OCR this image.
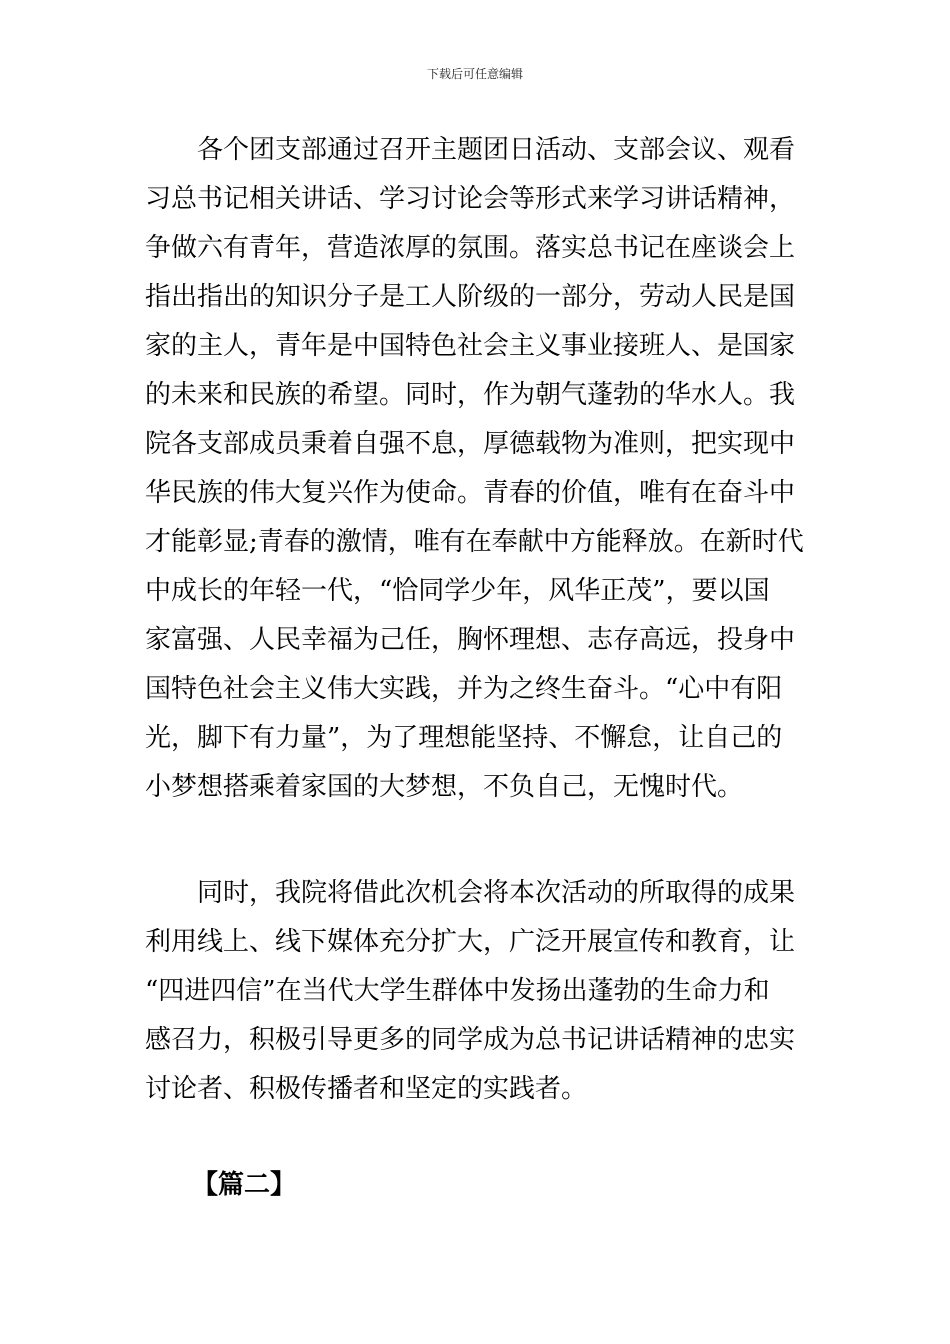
下载后可任意编辑
各个团支部通过召开主题团日活动、支部会议、观看
习总书记相关讲话、学习讨论会等形式来学习讲话精神，
争做六有青年，营造浓厚的氛围。落实总书记在座谈会上
指出指出的知识分子是工人阶级的一部分，劳动人民是国
家的主人，青年是中国特色社会主义事业接班人、是国家
的未来和民族的希望。同时，作为朝气蓬勃的华水人。我
院各支部成员秉着自强不息，厚德载物为准则，把实现中
华民族的伟大复兴作为使命。青春的价值，唯有在奋斗中
才能彰显;青春的激情，唯有在奉献中方能释放。在新时代
中成长的年轻一代，“恰同学少年，风华正茂”，要以国
家富强、人民幸福为己任，胸怀理想、志存高远，投身中
国特色社会主义伟大实践，并为之终生奋斗。“心中有阳
光，脚下有力量”，为了理想能坚持、不懈怠，让自己的
小梦想搭乘着家国的大梦想，不负自己，无愧时代。
同时，我院将借此次机会将本次活动的所取得的成果
利用线上、线下媒体充分扩大，广泛开展宣传和教育，让
“四进四信”在当代大学生群体中发扬出蓬勃的生命力和
感召力，积极引导更多的同学成为总书记讲话精神的忠实
讨论者、积极传播者和坚定的实践者。
【篇二】
